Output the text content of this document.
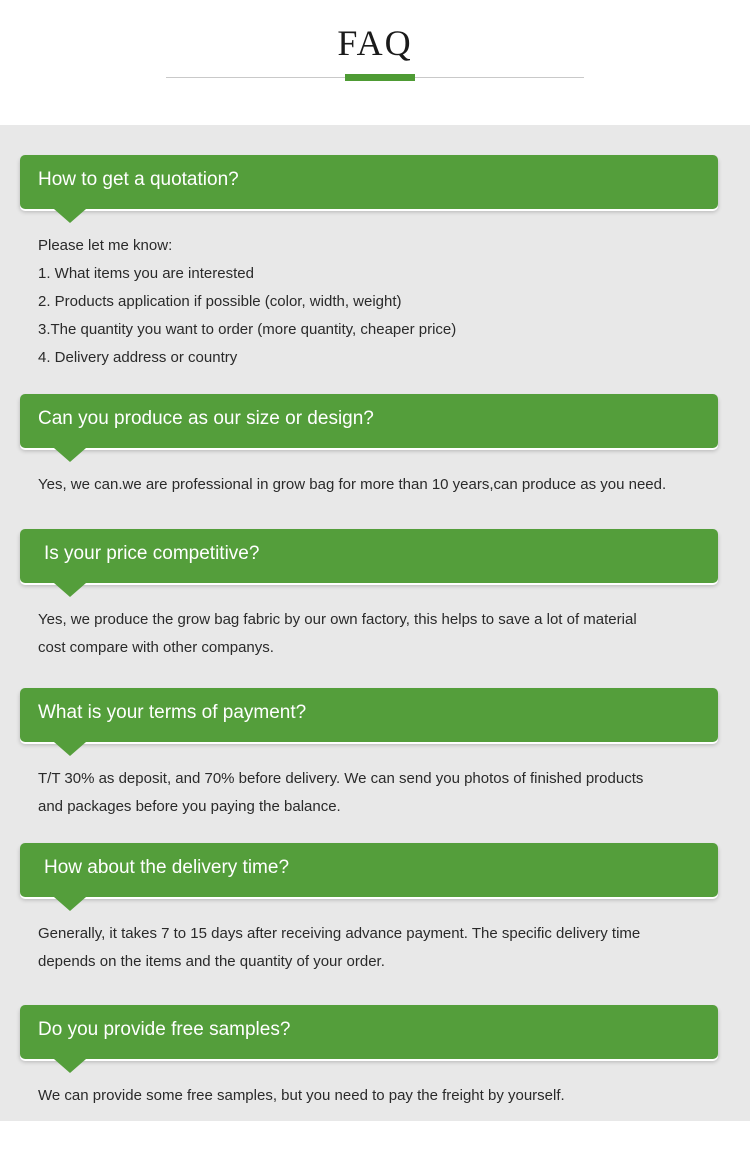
FAQ
How to get a quotation?
Please let me know:
1. What items you are interested
2. Products application if possible (color, width, weight)
3.The quantity you want to order (more quantity, cheaper price)
4. Delivery address or country
Can you produce as our size or design?
Yes, we can.we are professional in grow bag for more than 10 years,can produce as you need.
Is your price competitive?
Yes, we produce the grow bag fabric by our own factory, this helps to save a lot of material
cost compare with other companys.
What is your terms of payment?
T/T 30% as deposit, and 70% before delivery. We can send you photos of finished products
and packages before you paying the balance.
How about the delivery time?
Generally, it takes 7 to 15 days after receiving advance payment. The specific delivery time
depends on the items and the quantity of your order.
Do you provide free samples?
We can provide some free samples, but you need to pay the freight by yourself.
